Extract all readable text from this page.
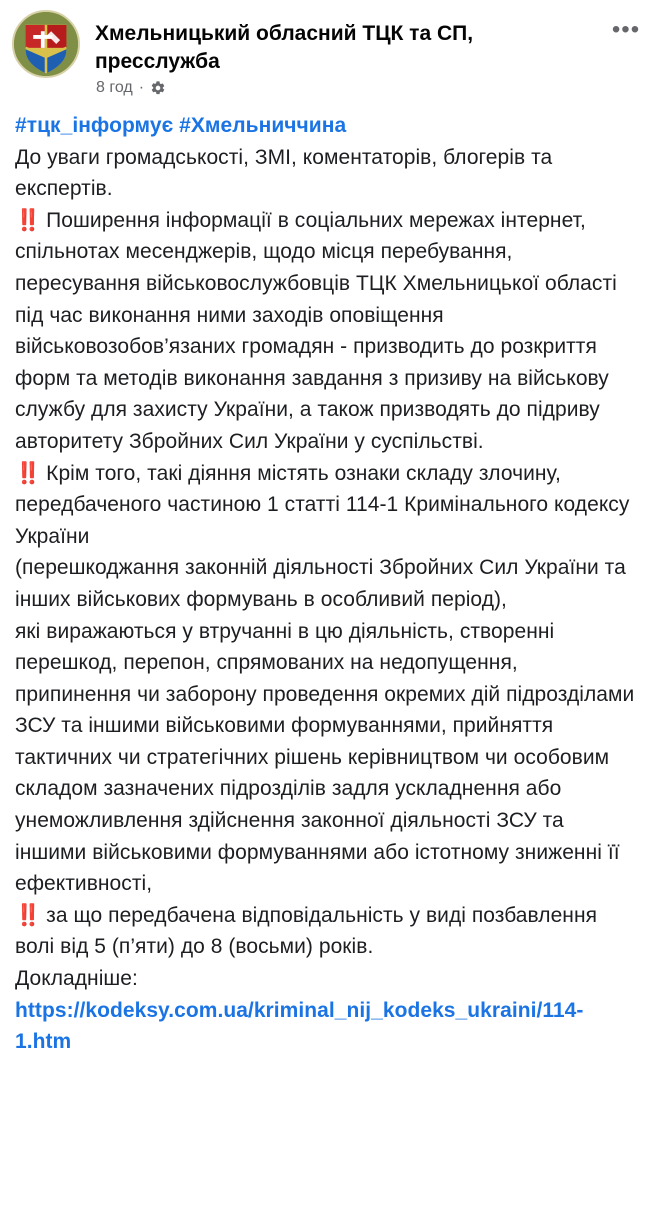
Хмельницький обласний ТЦК та СП, пресслужба
8 год ·
•••
#тцк_інформує #Хмельниччина
До уваги громадськості, ЗМІ, коментаторів, блогерів та експертів.
‼️ Поширення інформації в соціальних мережах інтернет, спільнотах месенджерів, щодо місця перебування, пересування військовослужбовців ТЦК Хмельницької області під час виконання ними заходів оповіщення військовозобов’язаних громадян - призводить до розкриття форм та методів виконання завдання з призиву на військову службу для захисту України, а також призводять до підриву авторитету Збройних Сил України у суспільстві.
‼️ Крім того, такі діяння містять ознаки складу злочину, передбаченого частиною 1 статті 114-1 Кримінального кодексу України
(перешкоджання законній діяльності Збройних Сил України та інших військових формувань в особливий період),
які виражаються у втручанні в цю діяльність, створенні перешкод, перепон, спрямованих на недопущення, припинення чи заборону проведення окремих дій підрозділами ЗСУ та іншими військовими формуваннями, прийняття тактичних чи стратегічних рішень керівництвом чи особовим складом зазначених підрозділів задля ускладнення або унеможливлення здійснення законної діяльності ЗСУ та іншими військовими формуваннями або істотному зниженні її ефективності,
‼️ за що передбачена відповідальність у виді позбавлення волі від 5 (п’яти) до 8 (восьми) років.
Докладніше: https://kodeksy.com.ua/kriminal_nij_kodeks_ukraini/114-1.htm
